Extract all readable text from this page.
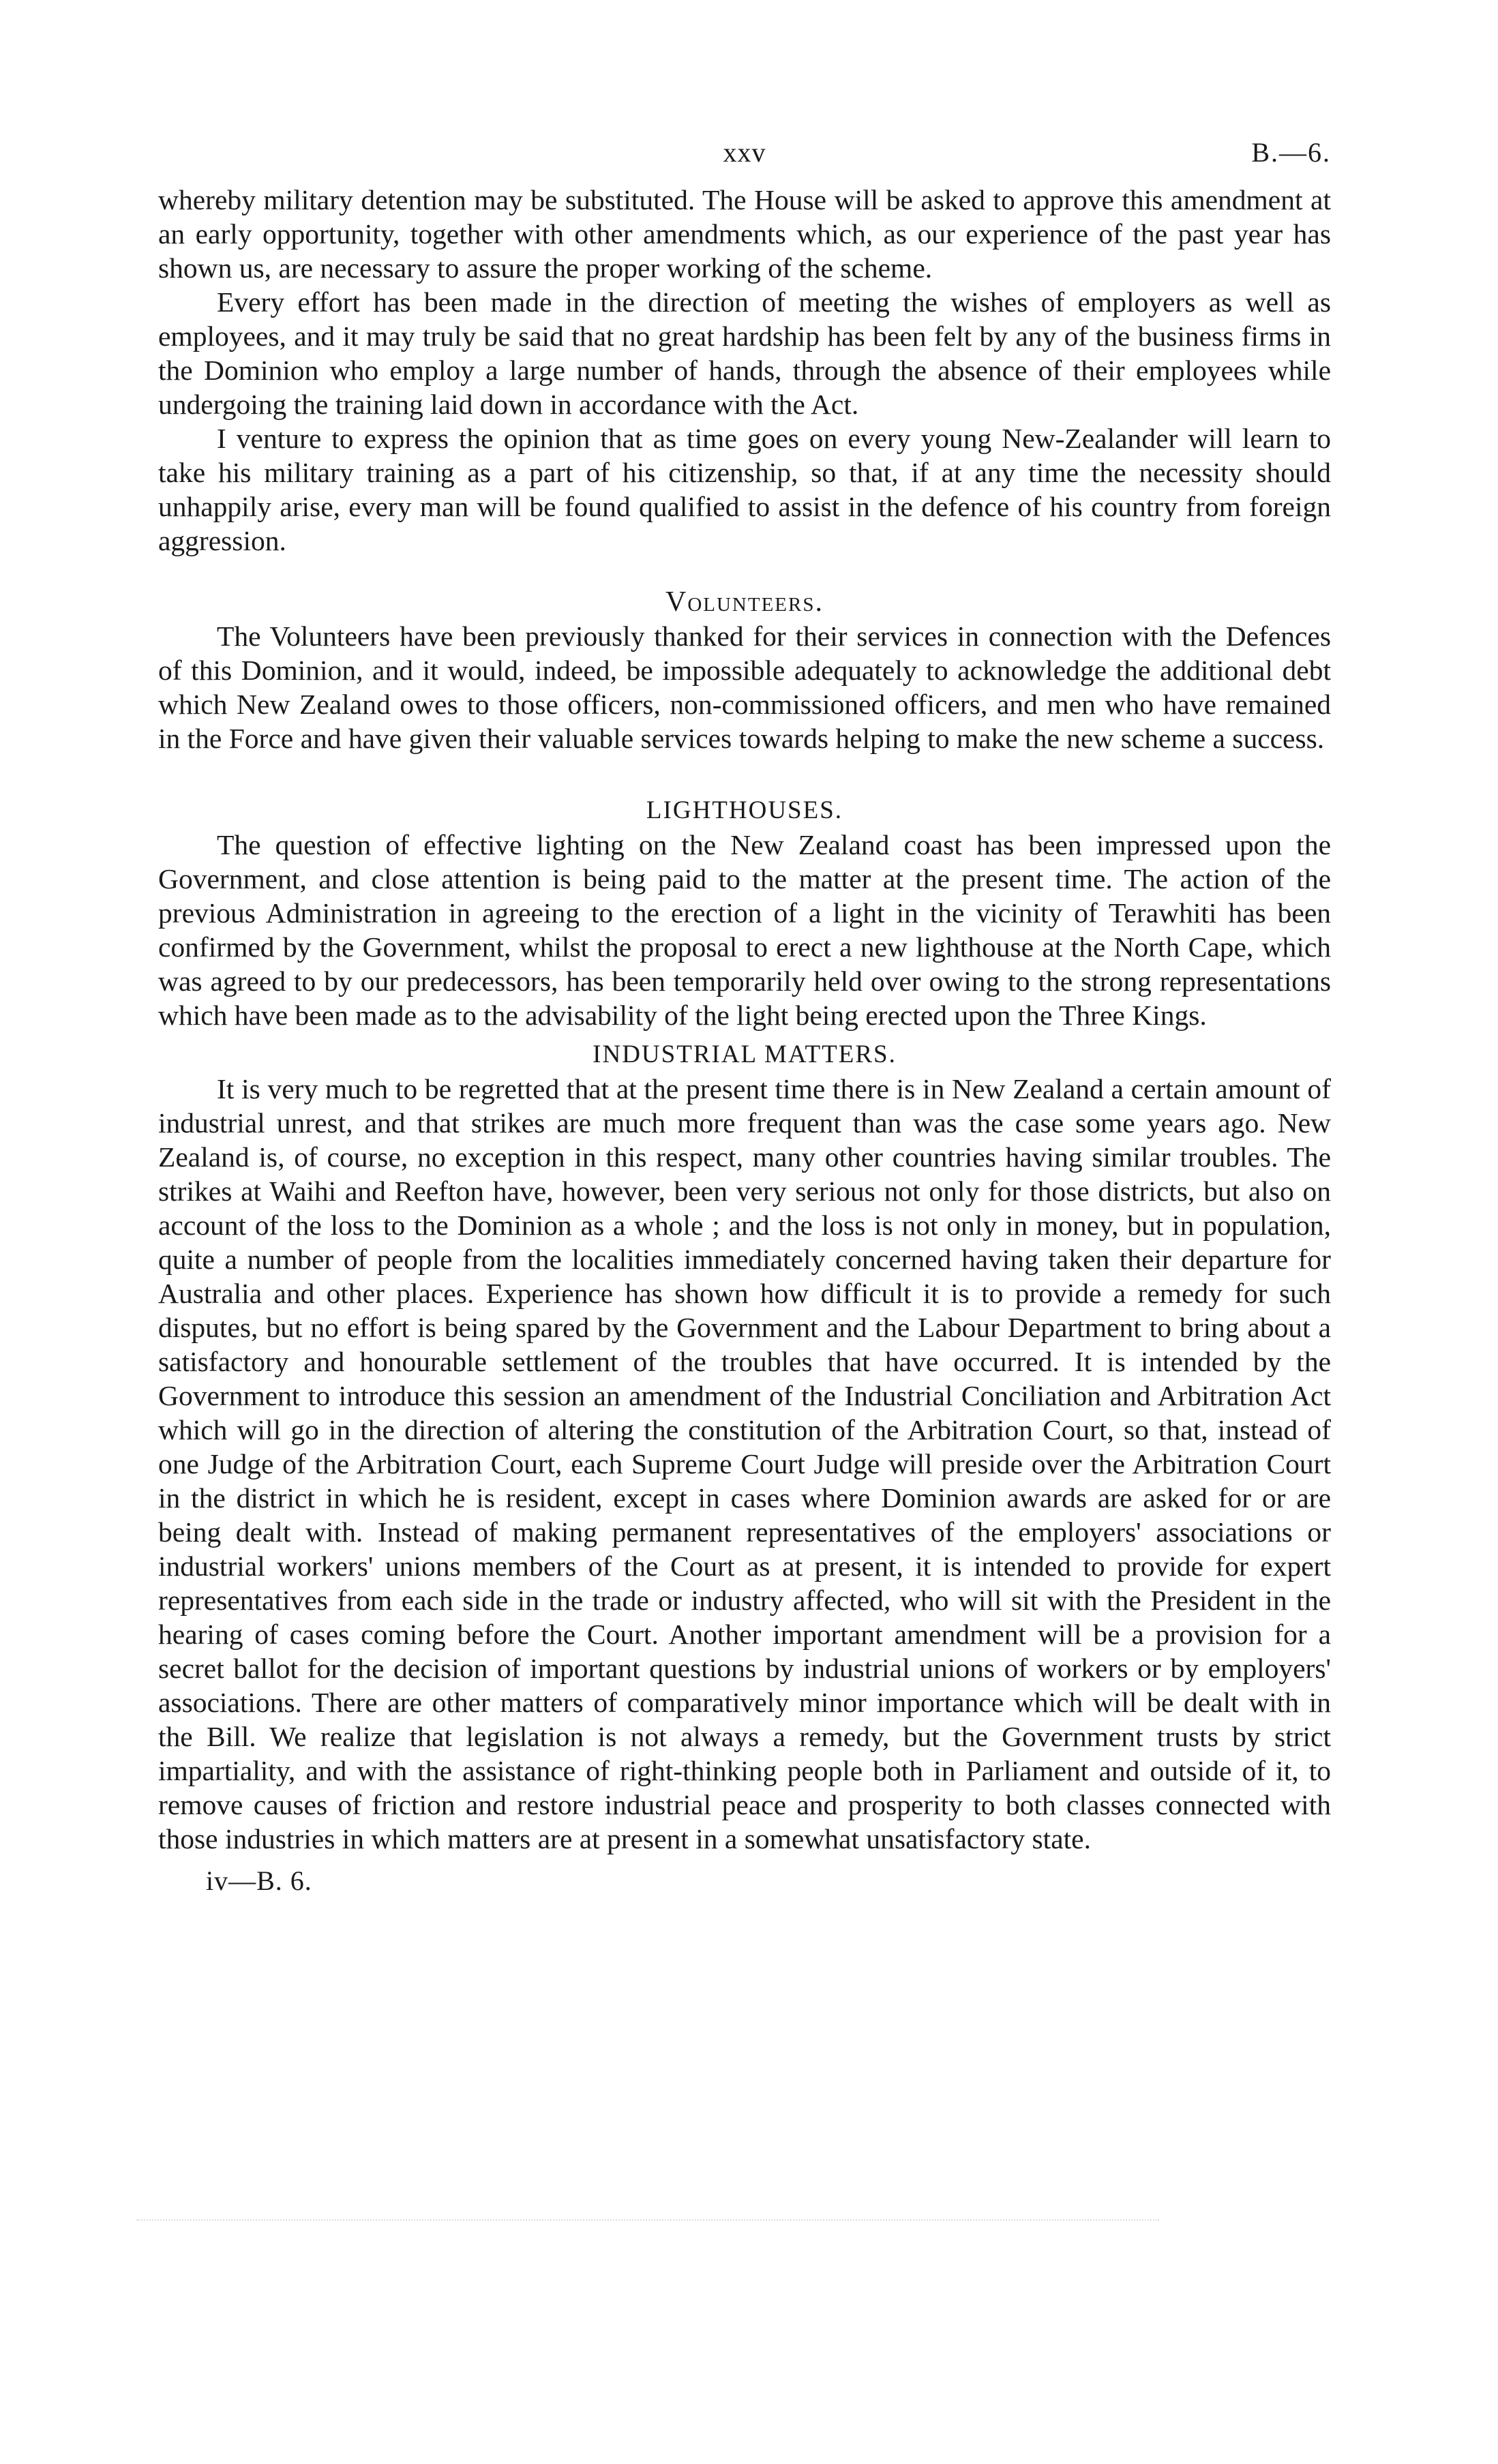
xxv	B.—6.

whereby military detention may be substituted. The House will be asked to approve this amendment at an early opportunity, together with other amendments which, as our experience of the past year has shown us, are necessary to assure the proper working of the scheme.

Every effort has been made in the direction of meeting the wishes of employers as well as employees, and it may truly be said that no great hardship has been felt by any of the business firms in the Dominion who employ a large number of hands, through the absence of their employees while undergoing the training laid down in accordance with the Act.

I venture to express the opinion that as time goes on every young New-Zealander will learn to take his military training as a part of his citizenship, so that, if at any time the necessity should unhappily arise, every man will be found qualified to assist in the defence of his country from foreign aggression.

Volunteers.

The Volunteers have been previously thanked for their services in connection with the Defences of this Dominion, and it would, indeed, be impossible adequately to acknowledge the additional debt which New Zealand owes to those officers, non-commissioned officers, and men who have remained in the Force and have given their valuable services towards helping to make the new scheme a success.

LIGHTHOUSES.

The question of effective lighting on the New Zealand coast has been impressed upon the Government, and close attention is being paid to the matter at the present time. The action of the previous Administration in agreeing to the erection of a light in the vicinity of Terawhiti has been confirmed by the Government, whilst the proposal to erect a new lighthouse at the North Cape, which was agreed to by our predecessors, has been temporarily held over owing to the strong representations which have been made as to the advisability of the light being erected upon the Three Kings.

INDUSTRIAL MATTERS.

It is very much to be regretted that at the present time there is in New Zealand a certain amount of industrial unrest, and that strikes are much more frequent than was the case some years ago. New Zealand is, of course, no exception in this respect, many other countries having similar troubles. The strikes at Waihi and Reefton have, however, been very serious not only for those districts, but also on account of the loss to the Dominion as a whole ; and the loss is not only in money, but in population, quite a number of people from the localities immediately concerned having taken their departure for Australia and other places. Experience has shown how difficult it is to provide a remedy for such disputes, but no effort is being spared by the Government and the Labour Department to bring about a satisfactory and honourable settlement of the troubles that have occurred. It is intended by the Government to introduce this session an amendment of the Industrial Conciliation and Arbitration Act which will go in the direction of altering the constitution of the Arbitration Court, so that, instead of one Judge of the Arbitration Court, each Supreme Court Judge will preside over the Arbitration Court in the district in which he is resident, except in cases where Dominion awards are asked for or are being dealt with. Instead of making permanent representatives of the employers' associations or industrial workers' unions members of the Court as at present, it is intended to provide for expert representatives from each side in the trade or industry affected, who will sit with the President in the hearing of cases coming before the Court. Another important amendment will be a provision for a secret ballot for the decision of important questions by industrial unions of workers or by employers' associations. There are other matters of comparatively minor importance which will be dealt with in the Bill. We realize that legislation is not always a remedy, but the Government trusts by strict impartiality, and with the assistance of right-thinking people both in Parliament and outside of it, to remove causes of friction and restore industrial peace and prosperity to both classes connected with those industries in which matters are at present in a somewhat unsatisfactory state.

iv—B. 6.
